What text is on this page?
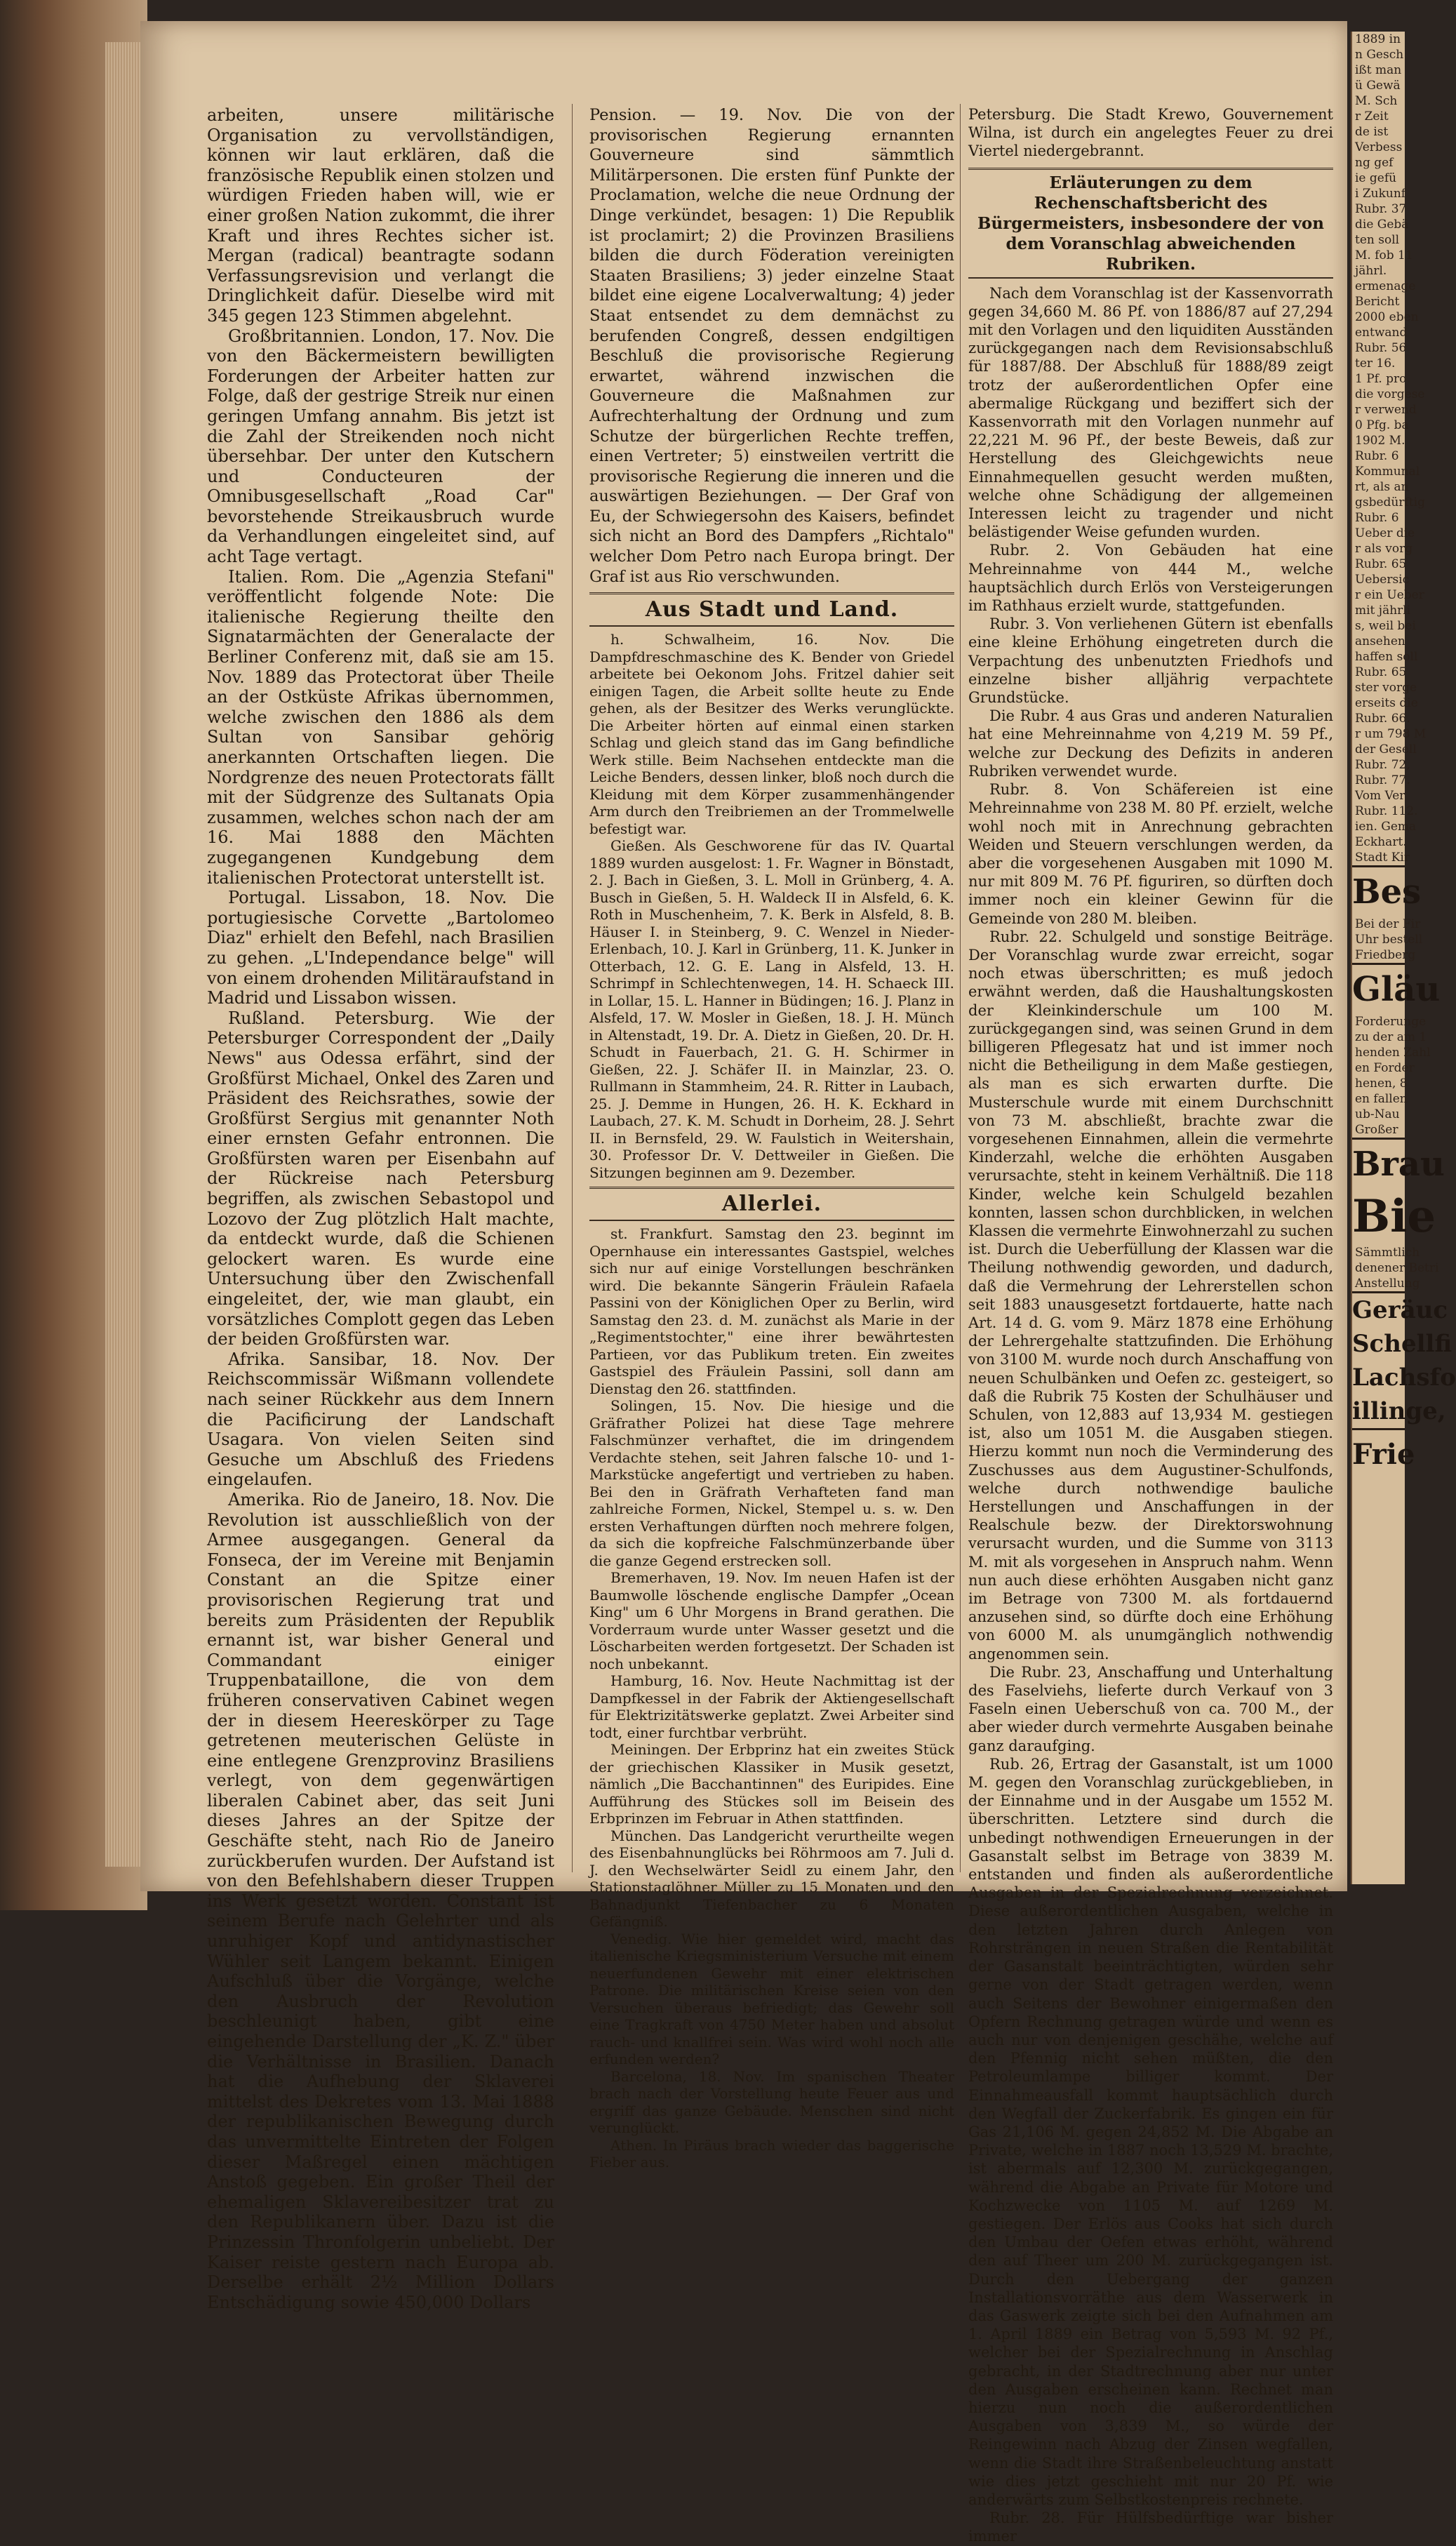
arbeiten, unsere militärische Organisation zu vervollständigen, können wir laut erklären, daß die französische Republik einen stolzen und würdigen Frieden haben will, wie er einer großen Nation zukommt, die ihrer Kraft und ihres Rechtes sicher ist. Mergan (radical) beantragte sodann Verfassungsrevision und verlangt die Dringlichkeit dafür. Dieselbe wird mit 345 gegen 123 Stimmen abgelehnt.

Großbritannien. London, 17. Nov. Die von den Bäckermeistern bewilligten Forderungen der Arbeiter hatten zur Folge, daß der gestrige Streik nur einen geringen Umfang annahm. Bis jetzt ist die Zahl der Streikenden noch nicht übersehbar. Der unter den Kutschern und Conducteuren der Omnibusgesellschaft „Road Car" bevorstehende Streikausbruch wurde da Verhandlungen eingeleitet sind, auf acht Tage vertagt.

Italien. Rom. Die „Agenzia Stefani" veröffentlicht folgende Note: Die italienische Regierung theilte den Signatarmächten der Generalacte der Berliner Conferenz mit, daß sie am 15. Nov. 1889 das Protectorat über Theile an der Ostküste Afrikas übernommen, welche zwischen den 1886 als dem Sultan von Sansibar gehörig anerkannten Ortschaften liegen. Die Nordgrenze des neuen Protectorats fällt mit der Südgrenze des Sultanats Opia zusammen, welches schon nach der am 16. Mai 1888 den Mächten zugegangenen Kundgebung dem italienischen Protectorat unterstellt ist.

Portugal. Lissabon, 18. Nov. Die portugiesische Corvette „Bartolomeo Diaz" erhielt den Befehl, nach Brasilien zu gehen. „L'Independance belge" will von einem drohenden Militäraufstand in Madrid und Lissabon wissen.

Rußland. Petersburg. Wie der Petersburger Correspondent der „Daily News" aus Odessa erfährt, sind der Großfürst Michael, Onkel des Zaren und Präsident des Reichsrathes, sowie der Großfürst Sergius mit genannter Noth einer ernsten Gefahr entronnen. Die Großfürsten waren per Eisenbahn auf der Rückreise nach Petersburg begriffen, als zwischen Sebastopol und Lozovo der Zug plötzlich Halt machte, da entdeckt wurde, daß die Schienen gelockert waren. Es wurde eine Untersuchung über den Zwischenfall eingeleitet, der, wie man glaubt, ein vorsätzliches Complott gegen das Leben der beiden Großfürsten war.

Afrika. Sansibar, 18. Nov. Der Reichscommissär Wißmann vollendete nach seiner Rückkehr aus dem Innern die Pacificirung der Landschaft Usagara. Von vielen Seiten sind Gesuche um Abschluß des Friedens eingelaufen.

Amerika. Rio de Janeiro, 18. Nov. Die Revolution ist ausschließlich von der Armee ausgegangen. General da Fonseca, der im Vereine mit Benjamin Constant an die Spitze einer provisorischen Regierung trat und bereits zum Präsidenten der Republik ernannt ist, war bisher General und Commandant einiger Truppenbataillone, die von dem früheren conservativen Cabinet wegen der in diesem Heereskörper zu Tage getretenen meuterischen Gelüste in eine entlegene Grenzprovinz Brasiliens verlegt, von dem gegenwärtigen liberalen Cabinet aber, das seit Juni dieses Jahres an der Spitze der Geschäfte steht, nach Rio de Janeiro zurückberufen wurden. Der Aufstand ist von den Befehlshabern dieser Truppen ins Werk gesetzt worden. Constant ist seinem Berufe nach Gelehrter und als unruhiger Kopf und antidynastischer Wühler seit Langem bekannt. Einigen Aufschluß über die Vorgänge, welche den Ausbruch der Revolution beschleunigt haben, gibt eine eingehende Darstellung der „K. Z." über die Verhältnisse in Brasilien. Danach hat die Aufhebung der Sklaverei mittelst des Dekretes vom 13. Mai 1888 der republikanischen Bewegung durch das unvermittelte Eintreten der Folgen dieser Maßregel einen mächtigen Anstoß gegeben. Ein großer Theil der ehemaligen Sklavereibesitzer trat zu den Republikanern über. Dazu ist die Prinzessin Thronfolgerin unbeliebt. Der Kaiser reiste gestern nach Europa ab. Derselbe erhält 2½ Million Dollars Entschädigung sowie 450,000 Dollars

Pension. — 19. Nov. Die von der provisorischen Regierung ernannten Gouverneure sind sämmtlich Militärpersonen. Die ersten fünf Punkte der Proclamation, welche die neue Ordnung der Dinge verkündet, besagen: 1) Die Republik ist proclamirt; 2) die Provinzen Brasiliens bilden die durch Föderation vereinigten Staaten Brasiliens; 3) jeder einzelne Staat bildet eine eigene Localverwaltung; 4) jeder Staat entsendet zu dem demnächst zu berufenden Congreß, dessen endgiltigen Beschluß die provisorische Regierung erwartet, während inzwischen die Gouverneure die Maßnahmen zur Aufrechterhaltung der Ordnung und zum Schutze der bürgerlichen Rechte treffen, einen Vertreter; 5) einstweilen vertritt die provisorische Regierung die inneren und die auswärtigen Beziehungen. — Der Graf von Eu, der Schwiegersohn des Kaisers, befindet sich nicht an Bord des Dampfers „Richtalo" welcher Dom Petro nach Europa bringt. Der Graf ist aus Rio verschwunden.

Aus Stadt und Land.

h. Schwalheim, 16. Nov. Die Dampfdreschmaschine des K. Bender von Griedel arbeitete bei Oekonom Johs. Fritzel dahier seit einigen Tagen, die Arbeit sollte heute zu Ende gehen, als der Besitzer des Werks verunglückte. Die Arbeiter hörten auf einmal einen starken Schlag und gleich stand das im Gang befindliche Werk stille. Beim Nachsehen entdeckte man die Leiche Benders, dessen linker, bloß noch durch die Kleidung mit dem Körper zusammenhängender Arm durch den Treibriemen an der Trommelwelle befestigt war.

Gießen. Als Geschworene für das IV. Quartal 1889 wurden ausgelost: 1. Fr. Wagner in Bönstadt, 2. J. Bach in Gießen, 3. L. Moll in Grünberg, 4. A. Busch in Gießen, 5. H. Waldeck II in Alsfeld, 6. K. Roth in Muschenheim, 7. K. Berk in Alsfeld, 8. B. Häuser I. in Steinberg, 9. C. Wenzel in Nieder-Erlenbach, 10. J. Karl in Grünberg, 11. K. Junker in Otterbach, 12. G. E. Lang in Alsfeld, 13. H. Schrimpf in Schlechtenwegen, 14. H. Schaeck III. in Lollar, 15. L. Hanner in Büdingen; 16. J. Planz in Alsfeld, 17. W. Mosler in Gießen, 18. J. H. Münch in Altenstadt, 19. Dr. A. Dietz in Gießen, 20. Dr. H. Schudt in Fauerbach, 21. G. H. Schirmer in Gießen, 22. J. Schäfer II. in Mainzlar, 23. O. Rullmann in Stammheim, 24. R. Ritter in Laubach, 25. J. Demme in Hungen, 26. H. K. Eckhard in Laubach, 27. K. M. Schudt in Dorheim, 28. J. Sehrt II. in Bernsfeld, 29. W. Faulstich in Weitershain, 30. Professor Dr. V. Dettweiler in Gießen. Die Sitzungen beginnen am 9. Dezember.

Allerlei.

st. Frankfurt. Samstag den 23. beginnt im Opernhause ein interessantes Gastspiel, welches sich nur auf einige Vorstellungen beschränken wird. Die bekannte Sängerin Fräulein Rafaela Passini von der Königlichen Oper zu Berlin, wird Samstag den 23. d. M. zunächst als Marie in der „Regimentstochter," eine ihrer bewährtesten Partieen, vor das Publikum treten. Ein zweites Gastspiel des Fräulein Passini, soll dann am Dienstag den 26. stattfinden.

Solingen, 15. Nov. Die hiesige und die Gräfrather Polizei hat diese Tage mehrere Falschmünzer verhaftet, die im dringendem Verdachte stehen, seit Jahren falsche 10- und 1- Markstücke angefertigt und vertrieben zu haben. Bei den in Gräfrath Verhafteten fand man zahlreiche Formen, Nickel, Stempel u. s. w. Den ersten Verhaftungen dürften noch mehrere folgen, da sich die kopfreiche Falschmünzerbande über die ganze Gegend erstrecken soll.

Bremerhaven, 19. Nov. Im neuen Hafen ist der Baumwolle löschende englische Dampfer „Ocean King" um 6 Uhr Morgens in Brand gerathen. Die Vorderraum wurde unter Wasser gesetzt und die Löscharbeiten werden fortgesetzt. Der Schaden ist noch unbekannt.

Hamburg, 16. Nov. Heute Nachmittag ist der Dampfkessel in der Fabrik der Aktiengesellschaft für Elektrizitätswerke geplatzt. Zwei Arbeiter sind todt, einer furchtbar verbrüht.

Meiningen. Der Erbprinz hat ein zweites Stück der griechischen Klassiker in Musik gesetzt, nämlich „Die Bacchantinnen" des Euripides. Eine Aufführung des Stückes soll im Beisein des Erbprinzen im Februar in Athen stattfinden.

München. Das Landgericht verurtheilte wegen des Eisenbahnunglücks bei Röhrmoos am 7. Juli d. J. den Wechselwärter Seidl zu einem Jahr, den Stationstaglöhner Müller zu 15 Monaten und den Bahnadjunkt Tiefenbacher zu 6 Monaten Gefängniß.

Venedig. Wie hier gemeldet wird, macht das italienische Kriegsministerium Versuche mit einem neuerfundenen Gewehr mit einer elektrischen Patrone. Die militärischen Kreise seien von den Versuchen überaus befriedigt; das Gewehr soll eine Tragkraft von 4750 Meter haben und absolut rauch- und knallfrei sein. Was wird wohl noch alle erfunden werden?

Barcelona, 18. Nov. Im spanischen Theater brach nach der Vorstellung heute Feuer aus und ergriff das ganze Gebäude. Menschen sind nicht verunglückt.

Athen. In Piräus brach wieder das baggerische Fieber aus.

Petersburg. Die Stadt Krewo, Gouvernement Wilna, ist durch ein angelegtes Feuer zu drei Viertel niedergebrannt.

Erläuterungen zu dem Rechenschaftsbericht des Bürgermeisters, insbesondere der von dem Voranschlag abweichenden Rubriken.

Nach dem Voranschlag ist der Kassenvorrath gegen 34,660 M. 86 Pf. von 1886/87 auf 27,294 mit den Vorlagen und den liquiditen Ausständen zurückgegangen nach dem Revisionsabschluß für 1887/88. Der Abschluß für 1888/89 zeigt trotz der außerordentlichen Opfer eine abermalige Rückgang und beziffert sich der Kassenvorrath mit den Vorlagen nunmehr auf 22,221 M. 96 Pf., der beste Beweis, daß zur Herstellung des Gleichgewichts neue Einnahmequellen gesucht werden mußten, welche ohne Schädigung der allgemeinen Interessen leicht zu tragender und nicht belästigender Weise gefunden wurden.

Rubr. 2. Von Gebäuden hat eine Mehreinnahme von 444 M., welche hauptsächlich durch Erlös von Versteigerungen im Rathhaus erzielt wurde, stattgefunden.

Rubr. 3. Von verliehenen Gütern ist ebenfalls eine kleine Erhöhung eingetreten durch die Verpachtung des unbenutzten Friedhofs und einzelne bisher alljährig verpachtete Grundstücke.

Die Rubr. 4 aus Gras und anderen Naturalien hat eine Mehreinnahme von 4,219 M. 59 Pf., welche zur Deckung des Defizits in anderen Rubriken verwendet wurde.

Rubr. 8. Von Schäfereien ist eine Mehreinnahme von 238 M. 80 Pf. erzielt, welche wohl noch mit in Anrechnung gebrachten Weiden und Steuern verschlungen werden, da aber die vorgesehenen Ausgaben mit 1090 M. nur mit 809 M. 76 Pf. figuriren, so dürften doch immer noch ein kleiner Gewinn für die Gemeinde von 280 M. bleiben.

Rubr. 22. Schulgeld und sonstige Beiträge. Der Voranschlag wurde zwar erreicht, sogar noch etwas überschritten; es muß jedoch erwähnt werden, daß die Haushaltungskosten der Kleinkinderschule um 100 M. zurückgegangen sind, was seinen Grund in dem billigeren Pflegesatz hat und ist immer noch nicht die Betheiligung in dem Maße gestiegen, als man es sich erwarten durfte. Die Musterschule wurde mit einem Durchschnitt von 73 M. abschließt, brachte zwar die vorgesehenen Einnahmen, allein die vermehrte Kinderzahl, welche die erhöhten Ausgaben verursachte, steht in keinem Verhältniß. Die 118 Kinder, welche kein Schulgeld bezahlen konnten, lassen schon durchblicken, in welchen Klassen die vermehrte Einwohnerzahl zu suchen ist. Durch die Ueberfüllung der Klassen war die Theilung nothwendig geworden, und dadurch, daß die Vermehrung der Lehrerstellen schon seit 1883 unausgesetzt fortdauerte, hatte nach Art. 14 d. G. vom 9. März 1878 eine Erhöhung der Lehrergehalte stattzufinden. Die Erhöhung von 3100 M. wurde noch durch Anschaffung von neuen Schulbänken und Oefen zc. gesteigert, so daß die Rubrik 75 Kosten der Schulhäuser und Schulen, von 12,883 auf 13,934 M. gestiegen ist, also um 1051 M. die Ausgaben stiegen. Hierzu kommt nun noch die Verminderung des Zuschusses aus dem Augustiner-Schulfonds, welche durch nothwendige bauliche Herstellungen und Anschaffungen in der Realschule bezw. der Direktorswohnung verursacht wurden, und die Summe von 3113 M. mit als vorgesehen in Anspruch nahm. Wenn nun auch diese erhöhten Ausgaben nicht ganz im Betrage von 7300 M. als fortdauernd anzusehen sind, so dürfte doch eine Erhöhung von 6000 M. als unumgänglich nothwendig angenommen sein.

Die Rubr. 23, Anschaffung und Unterhaltung des Faselviehs, lieferte durch Verkauf von 3 Faseln einen Ueberschuß von ca. 700 M., der aber wieder durch vermehrte Ausgaben beinahe ganz daraufging.

Rub. 26, Ertrag der Gasanstalt, ist um 1000 M. gegen den Voranschlag zurückgeblieben, in der Einnahme und in der Ausgabe um 1552 M. überschritten. Letztere sind durch die unbedingt nothwendigen Erneuerungen in der Gasanstalt selbst im Betrage von 3839 M. entstanden und finden als außerordentliche Ausgaben in der Spezialrechnung verzeichnet. Diese außerordentlichen Ausgaben, welche in den letzten Jahren durch Anlegen von Rohrsträngen in neuen Straßen die Rentabilität der Gasanstalt beeinträchtigten, würden sehr gerne von der Stadt getragen werden, wenn auch Seitens der Bewohner einigermaßen den Opfern Rechnung getragen würde und wenn es auch nur von denjenigen geschähe, welche auf den Pfennig nicht sehen müßten, die den Petroleumlampe billiger kommt. Der Einnahmeausfall kommt hauptsächlich durch den Wegfall der Zuckerfabrik. Es gingen ein für Gas 21,106 M. gegen 24,852 M. Die Abgabe an Private, welche in 1887 noch 13,529 M. brachte, ist abermals auf 12,300 M. zurückgegangen, während die Abgabe an Private für Motore und Kochzwecke von 1105 M. auf 1269 M. gestiegen. Der Erlös aus Cooks hat sich durch den Umbau der Oefen etwas erhöht, während den auf Theer um 200 M. zurückgegangen ist. Durch den Uebergang der ganzen Installationsvorräthe aus dem Wasserwerk in das Gaswerk zeigte sich bei den Aufnahmen am 1. April 1889 ein Betrag von 5,593 M. 92 Pf., welcher bei der Spezialrechnung in Anschlag gebracht, in der Stadtrechnung aber nur unter den Ausgaben erscheinen kann. Rechnet man hierzu nun noch die außerordentlichen Ausgaben von 3,839 M., so würde der Reingewinn nach Abzug der Zinsen wegfallen, wenn die Stadt ihre Straßenbeleuchtung anstatt wie dies jetzt geschieht mit nur 20 Pf. wie anderwärts zum Selbstkostenpreis rechnete.

Rubr. 28. Für Hülfsbedürftige war bisher immer

1889 in
n Gesch
ißt man
ü Gewä
M. Sch
r Zeit
de ist
Verbess
ng gef
ie gefü
i Zukunf
Rubr. 37
die Gebä
ten soll
M. fob 11
jährl.
ermenage
Bericht
2000 eben
entwand
Rubr. 56
ter 16.
1 Pf. pro
die vorgese
r verwend
0 Pfg. ba
1902 M.
Rubr. 6
Kommunal
rt, als an
gsbedürftig
Rubr. 6
Ueber die
r als vorg
Rubr. 65
Uebersic
r ein Ueber
mit jährli
s, weil bei
ansehen
haffen soll
Rubr. 65
ster vorge
erseits die
Rubr. 66.
r um 798 M
der Gesell
Rubr. 72,
Rubr. 77.
Vom Ver
Rubr. 112.
ien. Gema
Eckhart.
Stadt Kir
Bes
Bei der Fir
Uhr bestell
Friedberg
Gläu
Forderunge
zu der am 1
henden Zahl
en Forder
henen, 8
en fallen
ub-Nau
Großer
Brau
Bie
Sämmtlich
denener Betri
Anstellung
Geräuc
Schellfi
Lachsfo
illinge,
Frie
